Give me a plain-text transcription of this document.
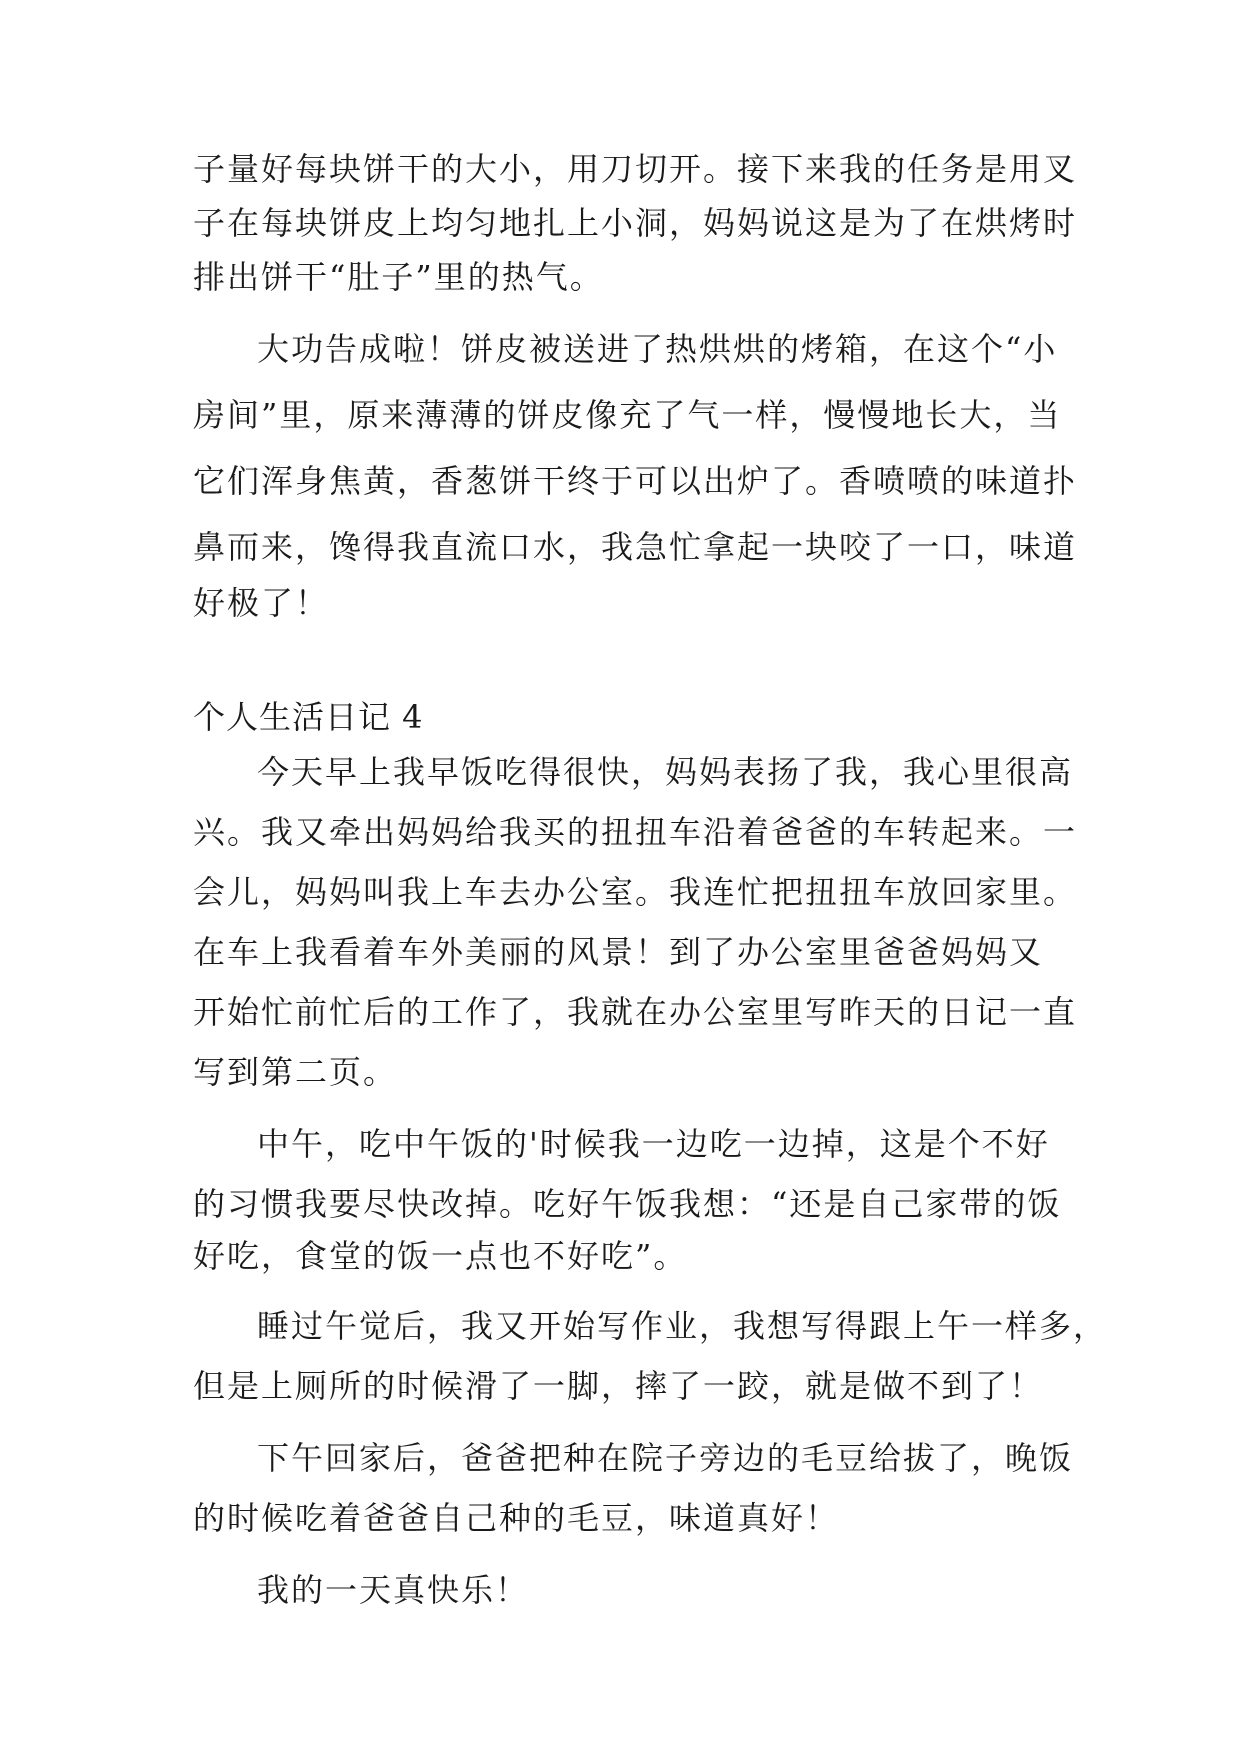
子量好每块饼干的大小，用刀切开。接下来我的任务是用叉
子在每块饼皮上均匀地扎上小洞，妈妈说这是为了在烘烤时
排出饼干“肚子”里的热气。
大功告成啦！饼皮被送进了热烘烘的烤箱，在这个“小
房间”里，原来薄薄的饼皮像充了气一样，慢慢地长大，当
它们浑身焦黄，香葱饼干终于可以出炉了。香喷喷的味道扑
鼻而来，馋得我直流口水，我急忙拿起一块咬了一口，味道
好极了！
个人生活日记 4
今天早上我早饭吃得很快，妈妈表扬了我，我心里很高
兴。我又牵出妈妈给我买的扭扭车沿着爸爸的车转起来。一
会儿，妈妈叫我上车去办公室。我连忙把扭扭车放回家里。
在车上我看着车外美丽的风景！到了办公室里爸爸妈妈又
开始忙前忙后的工作了，我就在办公室里写昨天的日记一直
写到第二页。
中午，吃中午饭的'时候我一边吃一边掉，这是个不好
的习惯我要尽快改掉。吃好午饭我想：“还是自己家带的饭
好吃，食堂的饭一点也不好吃”。
睡过午觉后，我又开始写作业，我想写得跟上午一样多，
但是上厕所的时候滑了一脚，摔了一跤，就是做不到了！
下午回家后，爸爸把种在院子旁边的毛豆给拔了，晚饭
的时候吃着爸爸自己种的毛豆，味道真好！
我的一天真快乐！
